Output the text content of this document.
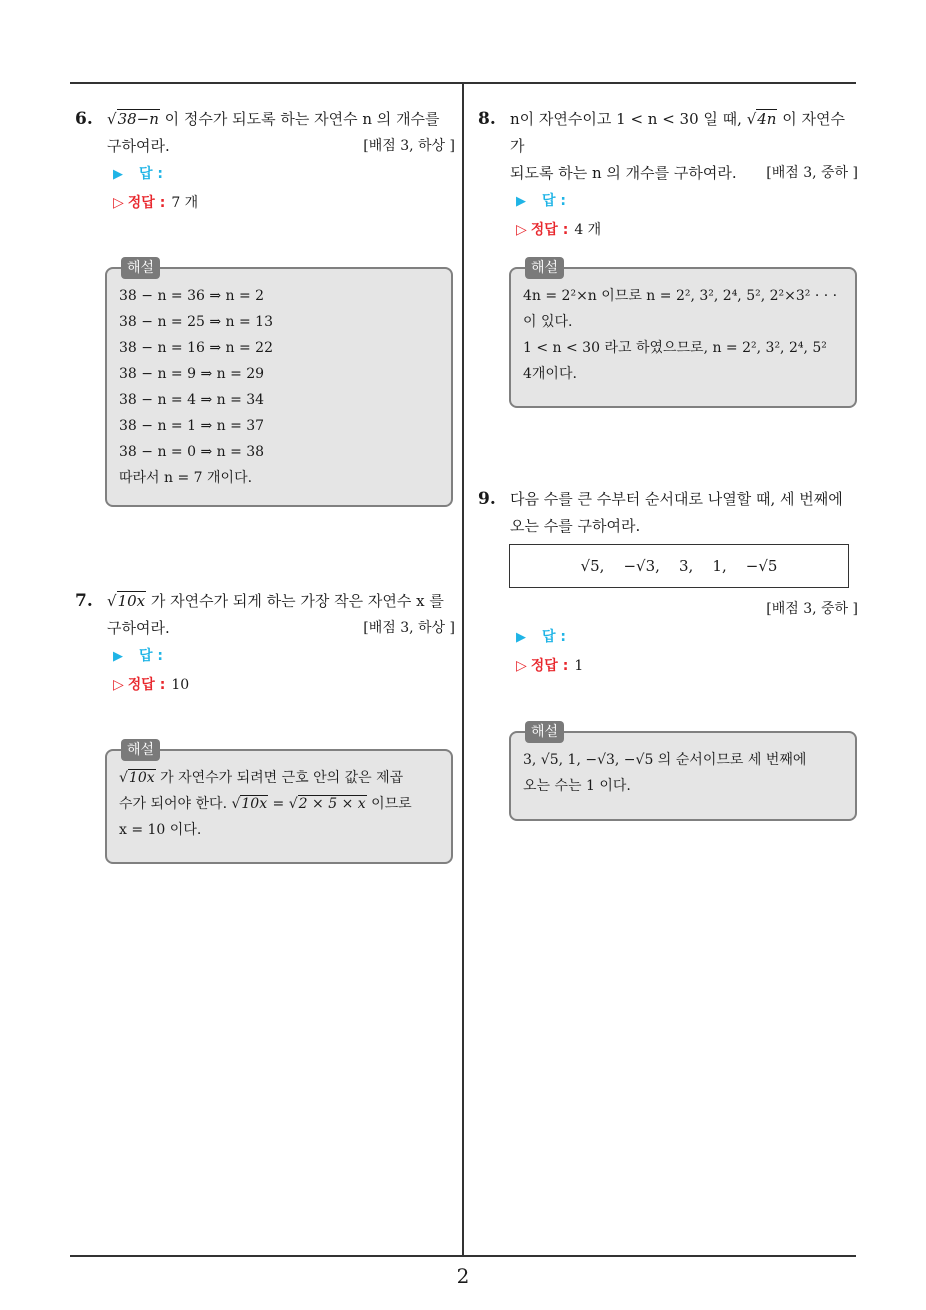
2
6. √38−n 이 정수가 되도록 하는 자연수 n 의 개수를
구하여라.	[배점 3, 하상 ]
▶ 답 :
▷ 정답 : 7 개
해설
38 − n = 36 ⇒ n = 2
38 − n = 25 ⇒ n = 13
38 − n = 16 ⇒ n = 22
38 − n = 9 ⇒ n = 29
38 − n = 4 ⇒ n = 34
38 − n = 1 ⇒ n = 37
38 − n = 0 ⇒ n = 38
따라서 n = 7 개이다.
7. √10x 가 자연수가 되게 하는 가장 작은 자연수 x 를
구하여라.	[배점 3, 하상 ]
▶ 답 :
▷ 정답 : 10
해설
√10x 가 자연수가 되려면 근호 안의 값은 제곱
수가 되어야 한다. √10x = √2 × 5 × x 이므로
x = 10 이다.
8. n이 자연수이고 1 < n < 30 일 때, √4n 이 자연수가
되도록 하는 n 의 개수를 구하여라. [배점 3, 중하 ]
▶ 답 :
▷ 정답 : 4 개
해설
4n = 2²×n 이므로 n = 2², 3², 2⁴, 5², 2²×3² · · ·
이 있다.
1 < n < 30 라고 하였으므로, n = 2², 3², 2⁴, 5²
4개이다.
9. 다음 수를 큰 수부터 순서대로 나열할 때, 세 번째에
오는 수를 구하여라.
√5, −√3, 3, 1, −√5
[배점 3, 중하 ]
▶ 답 :
▷ 정답 : 1
해설
3, √5, 1, −√3, −√5 의 순서이므로 세 번째에
오는 수는 1 이다.
